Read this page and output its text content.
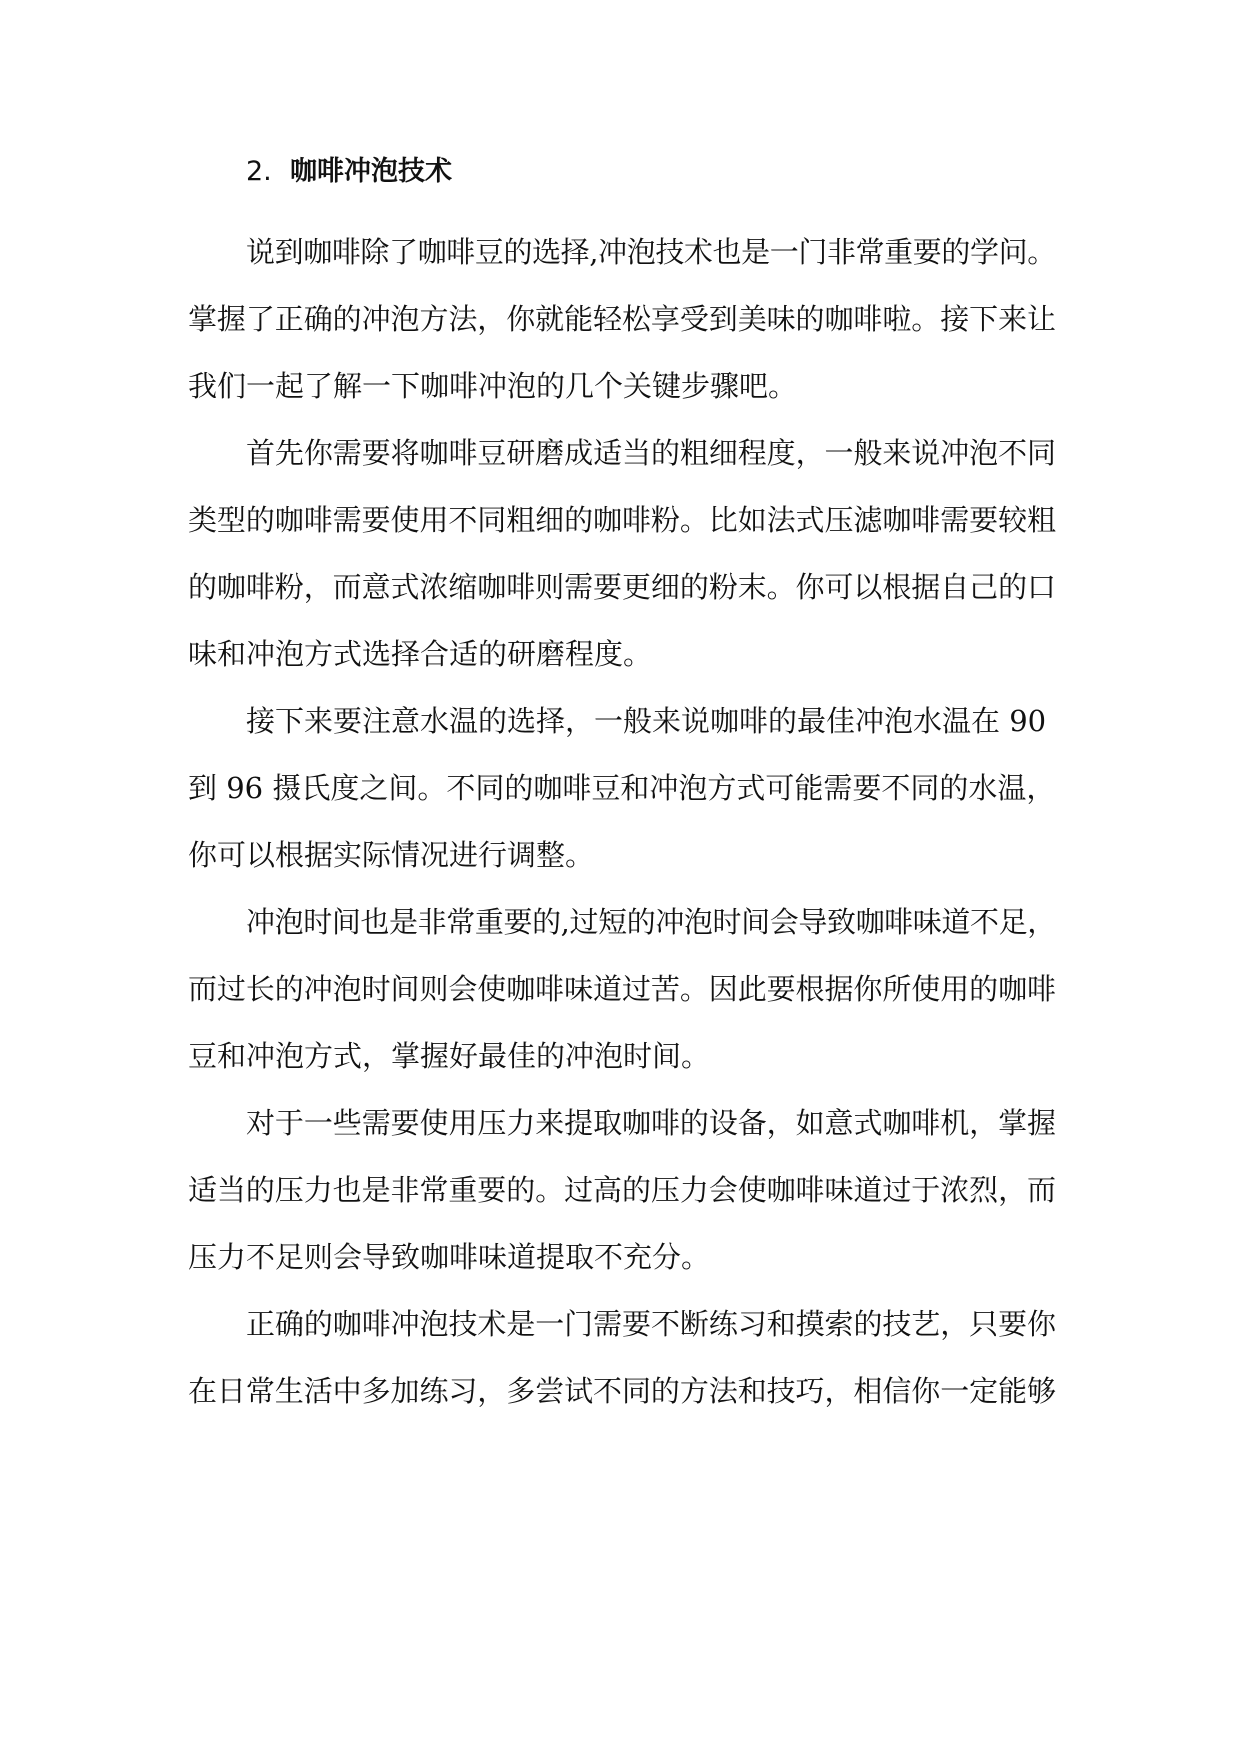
2. 咖啡冲泡技术

说到咖啡除了咖啡豆的选择,冲泡技术也是一门非常重要的学问。
掌握了正确的冲泡方法，你就能轻松享受到美味的咖啡啦。接下来让
我们一起了解一下咖啡冲泡的几个关键步骤吧。

首先你需要将咖啡豆研磨成适当的粗细程度，一般来说冲泡不同
类型的咖啡需要使用不同粗细的咖啡粉。比如法式压滤咖啡需要较粗
的咖啡粉，而意式浓缩咖啡则需要更细的粉末。你可以根据自己的口
味和冲泡方式选择合适的研磨程度。

接下来要注意水温的选择，一般来说咖啡的最佳冲泡水温在 90
到 96 摄氏度之间。不同的咖啡豆和冲泡方式可能需要不同的水温，
你可以根据实际情况进行调整。

冲泡时间也是非常重要的,过短的冲泡时间会导致咖啡味道不足，
而过长的冲泡时间则会使咖啡味道过苦。因此要根据你所使用的咖啡
豆和冲泡方式，掌握好最佳的冲泡时间。

对于一些需要使用压力来提取咖啡的设备，如意式咖啡机，掌握
适当的压力也是非常重要的。过高的压力会使咖啡味道过于浓烈，而
压力不足则会导致咖啡味道提取不充分。

正确的咖啡冲泡技术是一门需要不断练习和摸索的技艺，只要你
在日常生活中多加练习，多尝试不同的方法和技巧，相信你一定能够
